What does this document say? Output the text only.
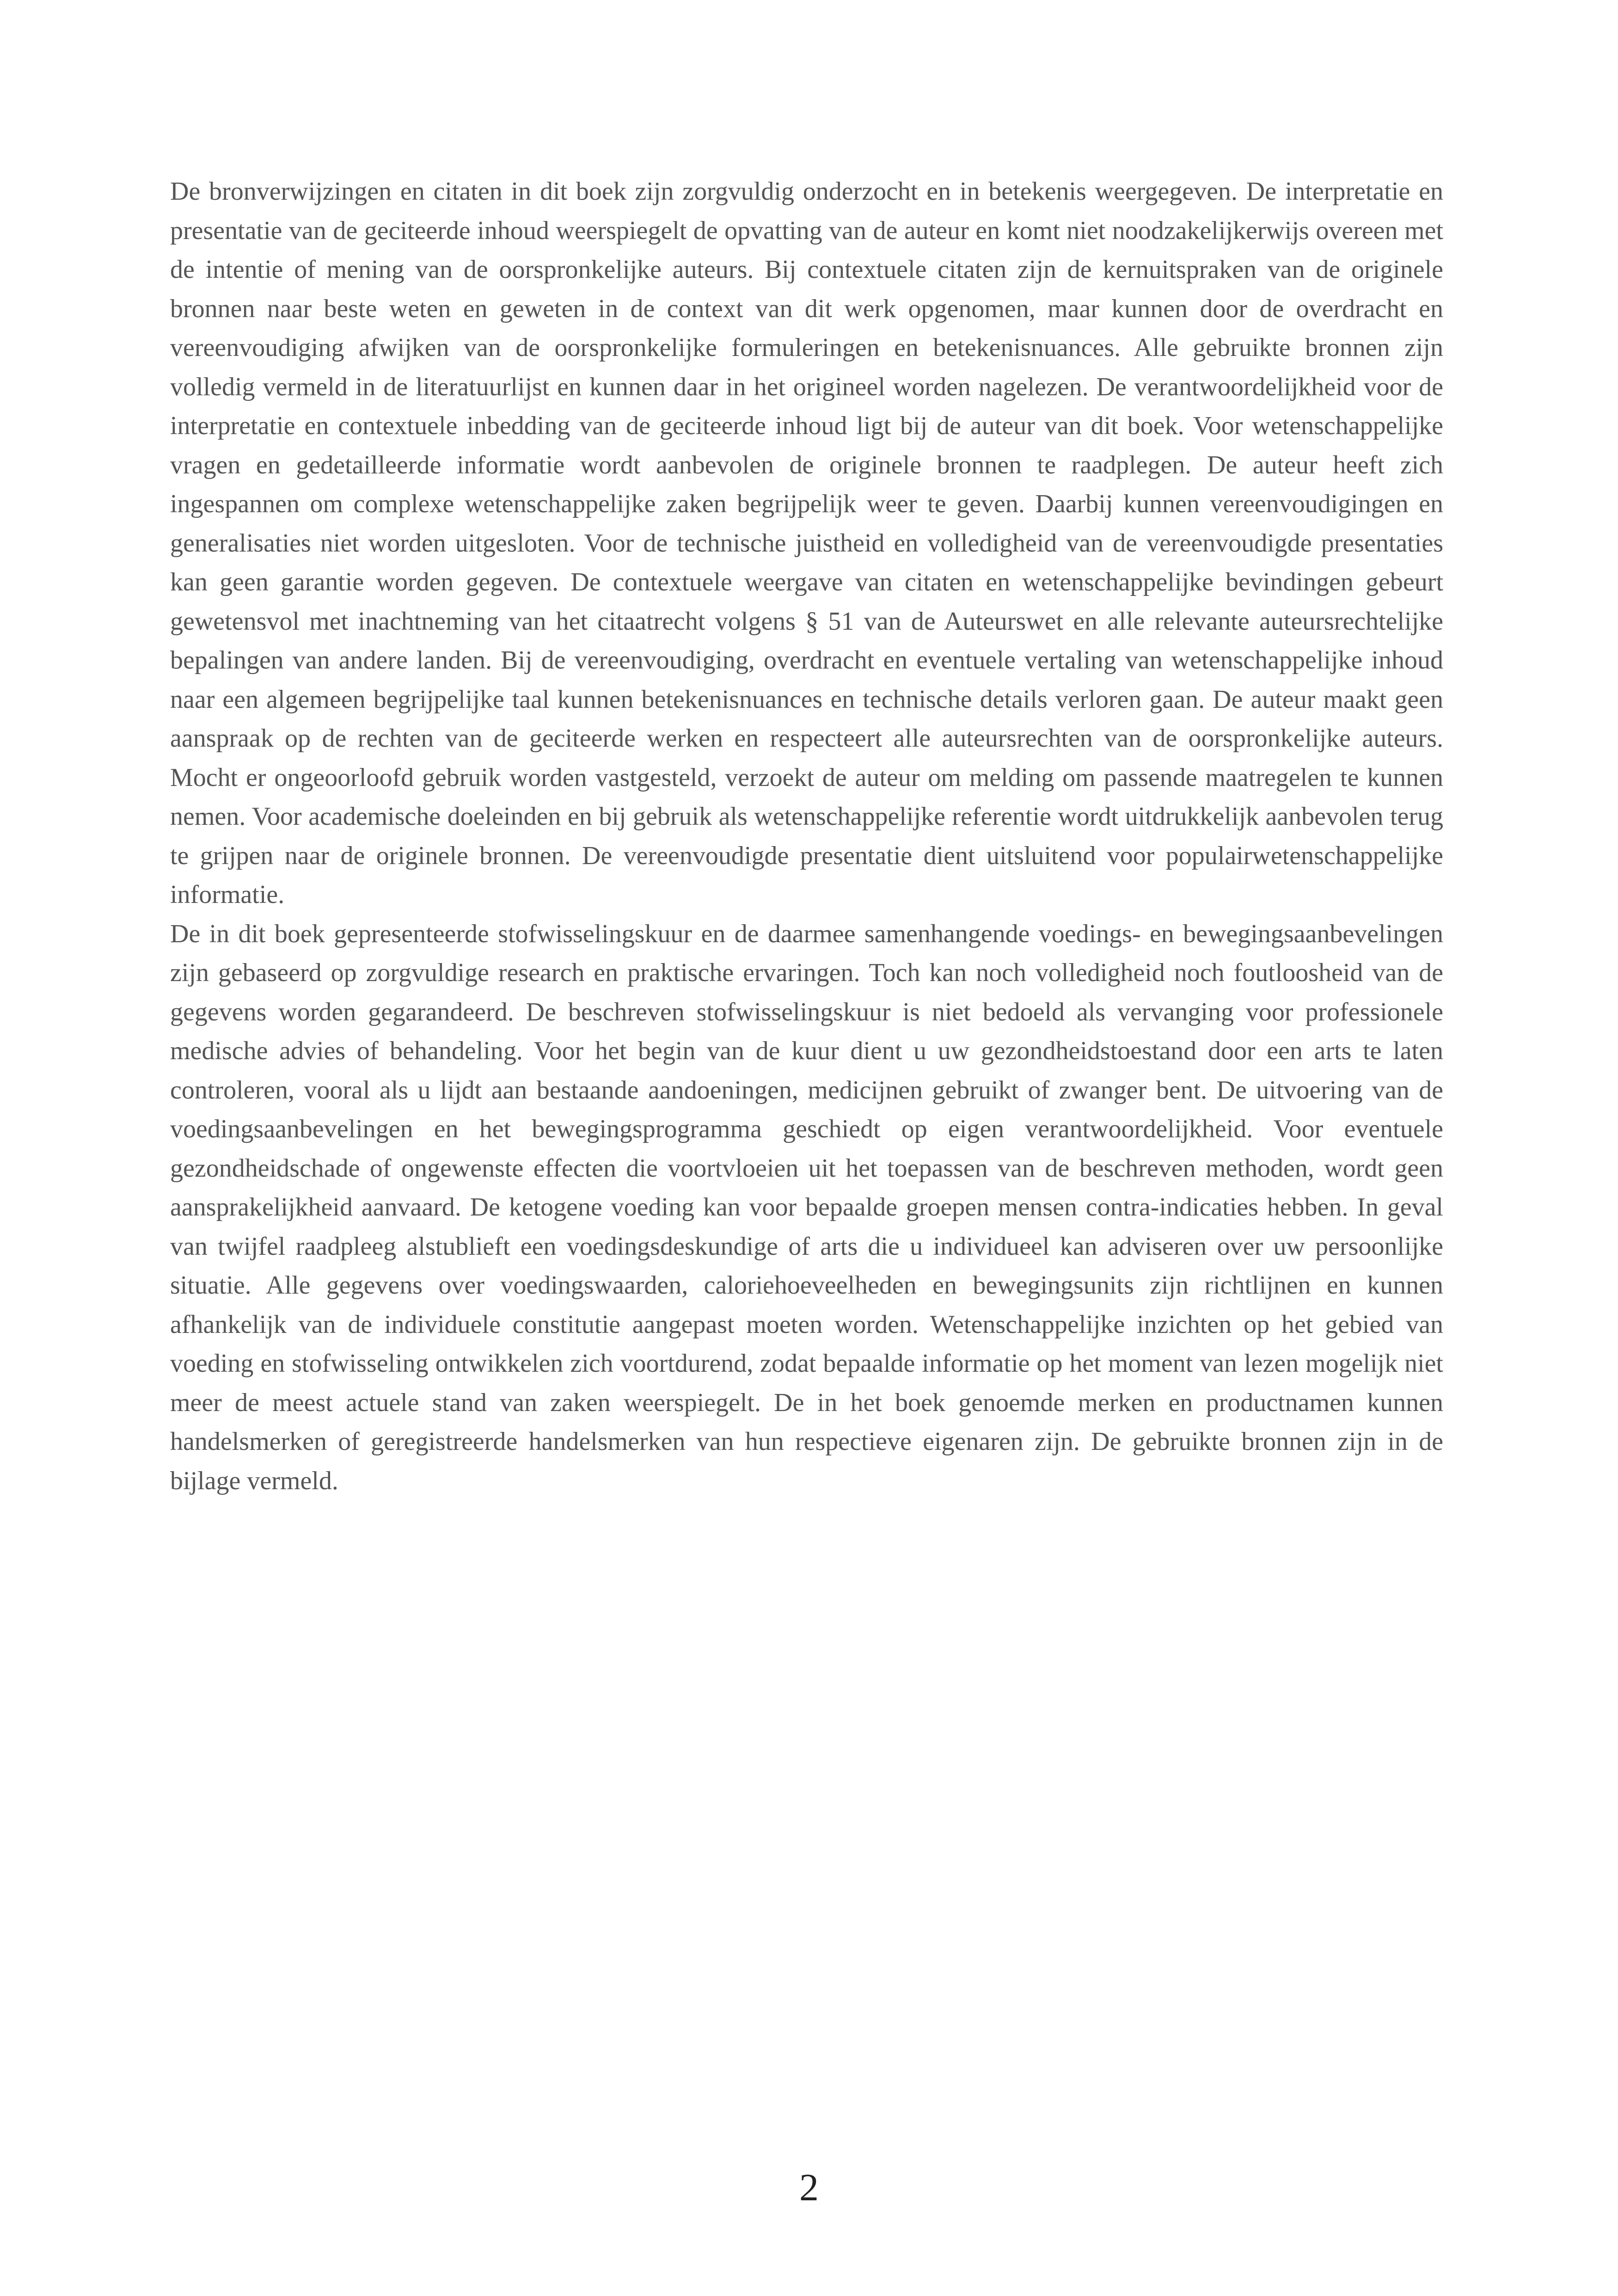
De bronverwijzingen en citaten in dit boek zijn zorgvuldig onderzocht en in betekenis weergegeven. De interpretatie en presentatie van de geciteerde inhoud weerspiegelt de opvatting van de auteur en komt niet noodzakelijkerwijs overeen met de intentie of mening van de oorspronkelijke auteurs. Bij contextuele citaten zijn de kernuitspraken van de originele bronnen naar beste weten en geweten in de context van dit werk opgenomen, maar kunnen door de overdracht en vereenvoudiging afwijken van de oorspronkelijke formuleringen en betekenisnuances. Alle gebruikte bronnen zijn volledig vermeld in de literatuurlijst en kunnen daar in het origineel worden nagelezen. De verantwoordelijkheid voor de interpretatie en contextuele inbedding van de geciteerde inhoud ligt bij de auteur van dit boek. Voor wetenschappelijke vragen en gedetailleerde informatie wordt aanbevolen de originele bronnen te raadplegen. De auteur heeft zich ingespannen om complexe wetenschappelijke zaken begrijpelijk weer te geven. Daarbij kunnen vereenvoudigingen en generalisaties niet worden uitgesloten. Voor de technische juistheid en volledigheid van de vereenvoudigde presentaties kan geen garantie worden gegeven. De contextuele weergave van citaten en wetenschappelijke bevindingen gebeurt gewetensvol met inachtneming van het citaatrecht volgens § 51 van de Auteurswet en alle relevante auteursrechtelijke bepalingen van andere landen. Bij de vereenvoudiging, overdracht en eventuele vertaling van wetenschappelijke inhoud naar een algemeen begrijpelijke taal kunnen betekenisnuances en technische details verloren gaan. De auteur maakt geen aanspraak op de rechten van de geciteerde werken en respecteert alle auteursrechten van de oorspronkelijke auteurs. Mocht er ongeoorloofd gebruik worden vastgesteld, verzoekt de auteur om melding om passende maatregelen te kunnen nemen. Voor academische doeleinden en bij gebruik als wetenschappelijke referentie wordt uitdrukkelijk aanbevolen terug te grijpen naar de originele bronnen. De vereenvoudigde presentatie dient uitsluitend voor populairwetenschappelijke informatie.

De in dit boek gepresenteerde stofwisselingskuur en de daarmee samenhangende voedings- en bewegingsaanbevelingen zijn gebaseerd op zorgvuldige research en praktische ervaringen. Toch kan noch volledigheid noch foutloosheid van de gegevens worden gegarandeerd. De beschreven stofwisselingskuur is niet bedoeld als vervanging voor professionele medische advies of behandeling. Voor het begin van de kuur dient u uw gezondheidstoestand door een arts te laten controleren, vooral als u lijdt aan bestaande aandoeningen, medicijnen gebruikt of zwanger bent. De uitvoering van de voedingsaanbevelingen en het bewegingsprogramma geschiedt op eigen verantwoordelijkheid. Voor eventuele gezondheidschade of ongewenste effecten die voortvloeien uit het toepassen van de beschreven methoden, wordt geen aansprakelijkheid aanvaard. De ketogene voeding kan voor bepaalde groepen mensen contra-indicaties hebben. In geval van twijfel raadpleeg alstublieft een voedingsdeskundige of arts die u individueel kan adviseren over uw persoonlijke situatie. Alle gegevens over voedingswaarden, caloriehoeveelheden en bewegingsunits zijn richtlijnen en kunnen afhankelijk van de individuele constitutie aangepast moeten worden. Wetenschappelijke inzichten op het gebied van voeding en stofwisseling ontwikkelen zich voortdurend, zodat bepaalde informatie op het moment van lezen mogelijk niet meer de meest actuele stand van zaken weerspiegelt. De in het boek genoemde merken en productnamen kunnen handelsmerken of geregistreerde handelsmerken van hun respectieve eigenaren zijn. De gebruikte bronnen zijn in de bijlage vermeld.

2
